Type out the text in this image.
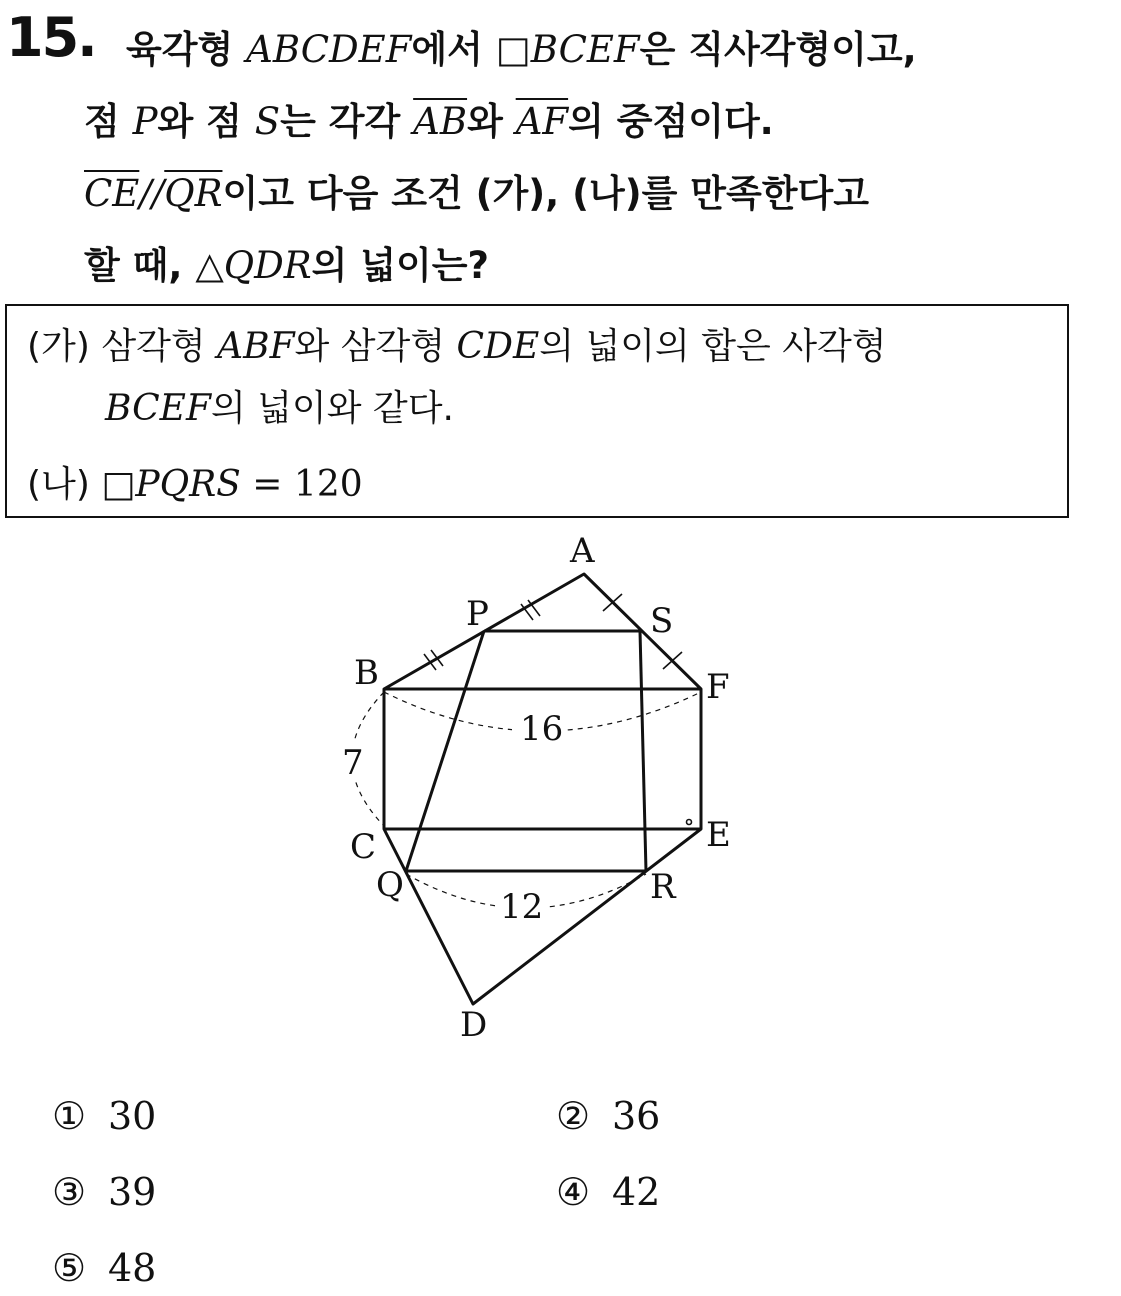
15. 육각형 ABCDEF에서 □BCEF은 직사각형이고,
점 P와 점 S는 각각 $\overline{AB}$와 $\overline{AF}$의 중점이다.
$\overline{CE}//\overline{QR}$이고 다음 조건 (가), (나)를 만족한다고
할 때, △QDR의 넓이는?
(가) 삼각형 ABF와 삼각형 CDE의 넓이의 합은 사각형
BCEF의 넓이와 같다.
(나) □PQRS = 120
16
7
12
A
B
C
D
E
F
P
Q	R
S
① 30	② 36
③ 39	④ 42
⑤ 48
